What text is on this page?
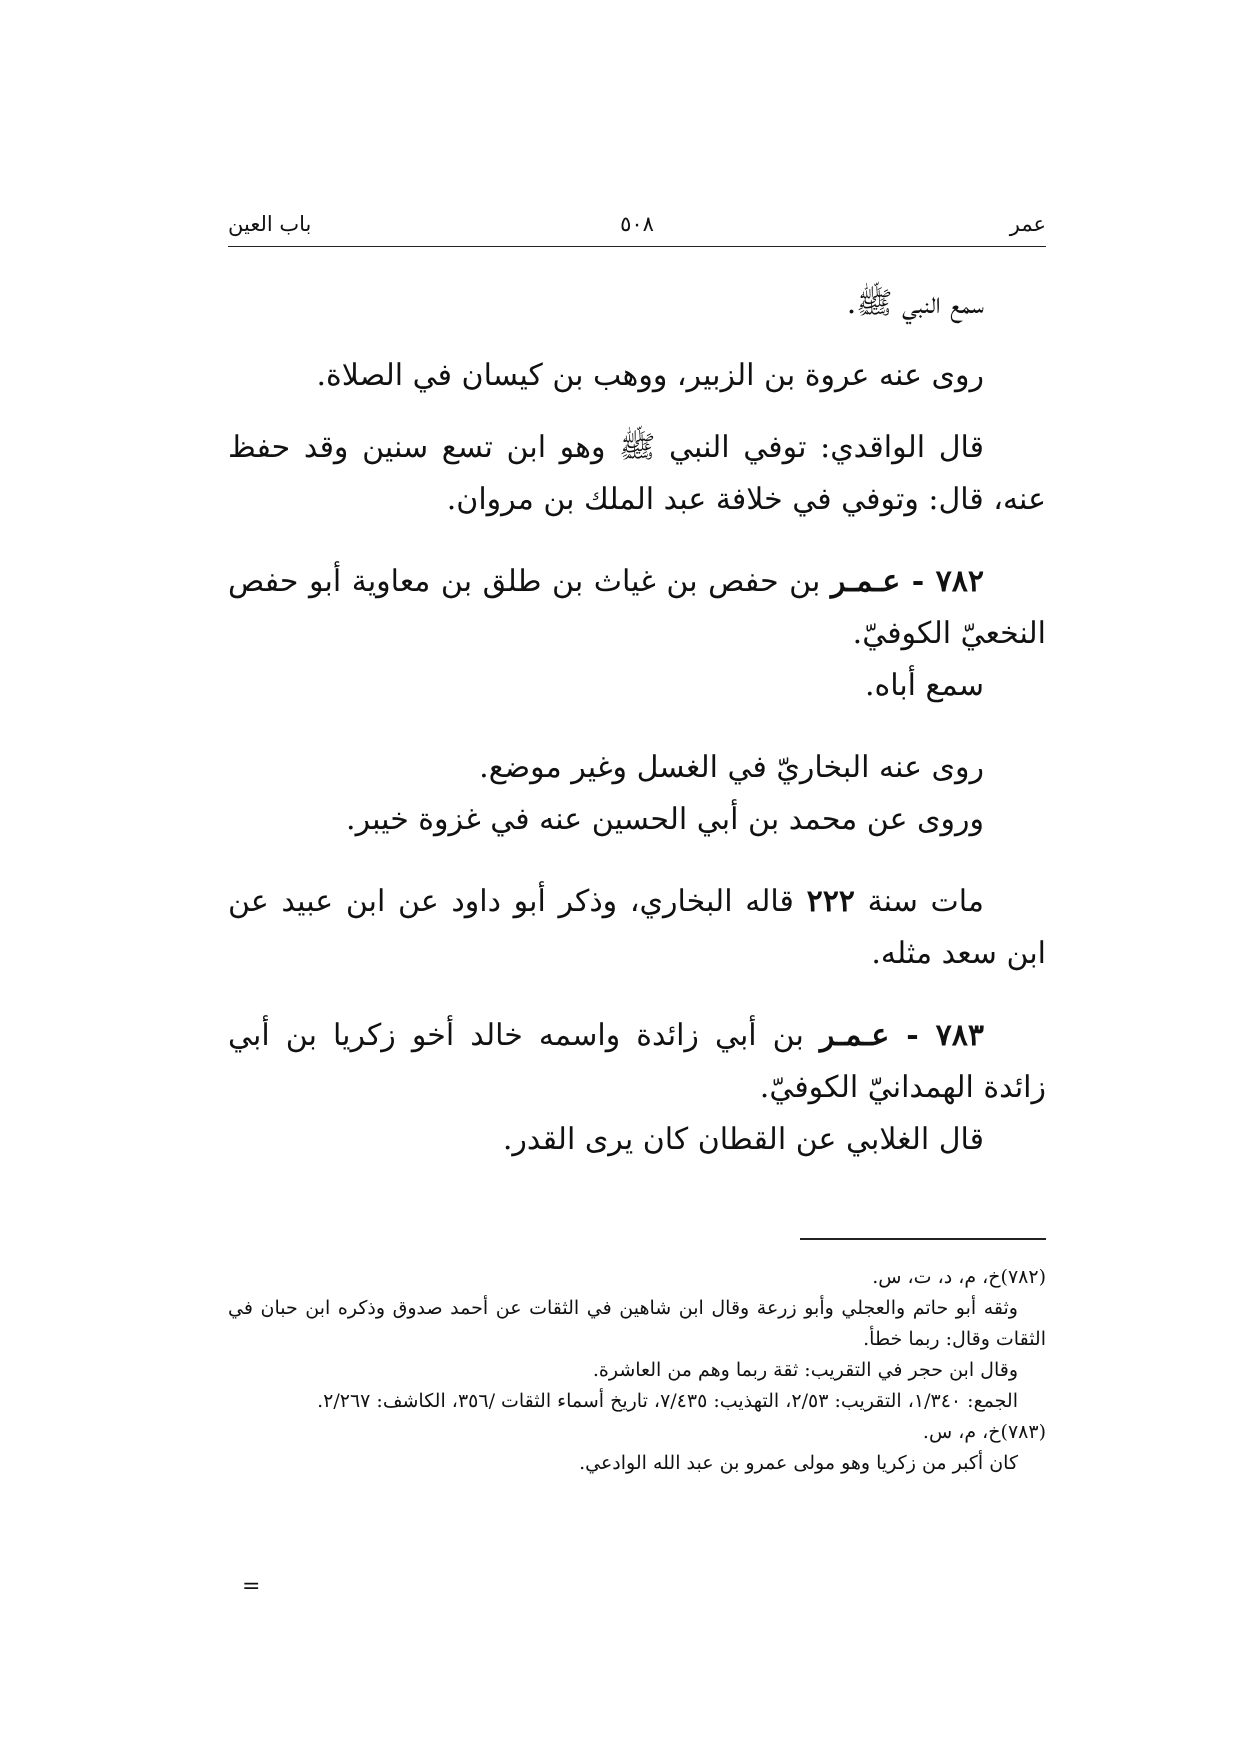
عمر
٥٠٨
باب العين

سمع النبي ﷺ.

روى عنه عروة بن الزبير، ووهب بن كيسان في الصلاة.

قال الواقدي: توفي النبي ﷺ وهو ابن تسع سنين وقد حفظ عنه، قال: وتوفي في خلافة عبد الملك بن مروان.

٧٨٢ - عـمـر بن حفص بن غياث بن طلق بن معاوية أبو حفص النخعيّ الكوفيّ.

سمع أباه.

روى عنه البخاريّ في الغسل وغير موضع.

وروى عن محمد بن أبي الحسين عنه في غزوة خيبر.

مات سنة ٢٢٢ قاله البخاري، وذكر أبو داود عن ابن عبيد عن ابن سعد مثله.

٧٨٣ - عـمـر بن أبي زائدة واسمه خالد أخو زكريا بن أبي زائدة الهمدانيّ الكوفيّ.

قال الغلابي عن القطان كان يرى القدر.

(٧٨٢)خ، م، د، ت، س.

وثقه أبو حاتم والعجلي وأبو زرعة وقال ابن شاهين في الثقات عن أحمد صدوق وذكره ابن حبان في الثقات وقال: ربما خطأ.

وقال ابن حجر في التقريب: ثقة ربما وهم من العاشرة.

الجمع: ١/٣٤٠، التقريب: ٢/٥٣، التهذيب: ٧/٤٣٥، تاريخ أسماء الثقات /٣٥٦، الكاشف: ٢/٢٦٧.

(٧٨٣)خ، م، س.

كان أكبر من زكريا وهو مولى عمرو بن عبد الله الوادعي.

=
